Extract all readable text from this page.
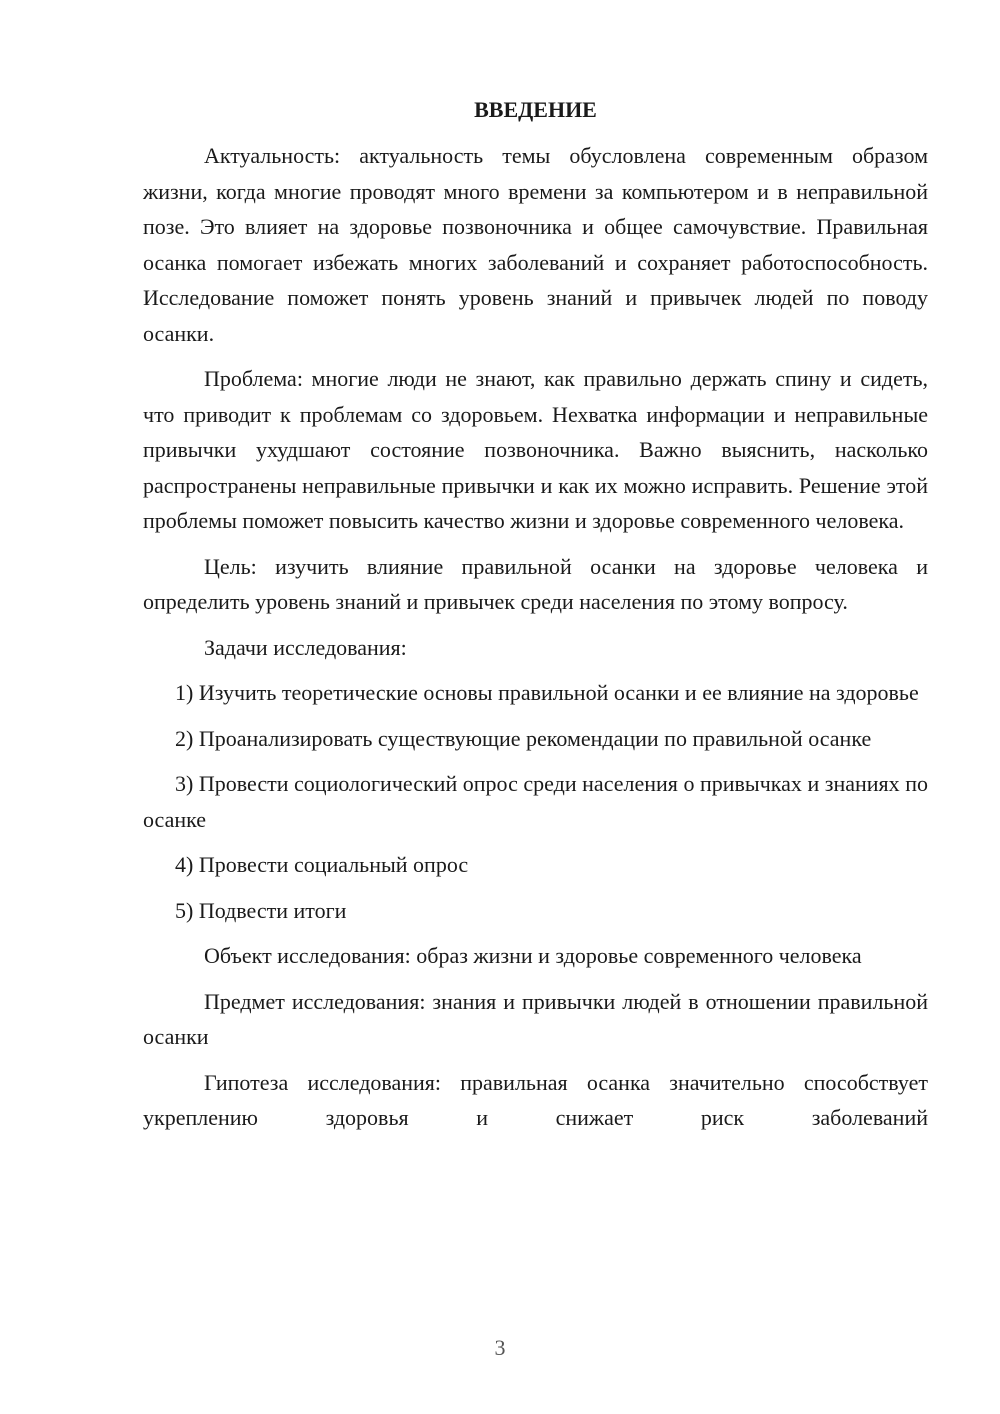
ВВЕДЕНИЕ

Актуальность: актуальность темы обусловлена современным образом жизни, когда многие проводят много времени за компьютером и в неправильной позе. Это влияет на здоровье позвоночника и общее самочувствие. Правильная осанка помогает избежать многих заболеваний и сохраняет работоспособность. Исследование поможет понять уровень знаний и привычек людей по поводу осанки.

Проблема: многие люди не знают, как правильно держать спину и сидеть, что приводит к проблемам со здоровьем. Нехватка информации и неправильные привычки ухудшают состояние позвоночника. Важно выяснить, насколько распространены неправильные привычки и как их можно исправить. Решение этой проблемы поможет повысить качество жизни и здоровье современного человека.

Цель: изучить влияние правильной осанки на здоровье человека и определить уровень знаний и привычек среди населения по этому вопросу.

Задачи исследования:

1) Изучить теоретические основы правильной осанки и ее влияние на здоровье

2) Проанализировать существующие рекомендации по правильной осанке

3) Провести социологический опрос среди населения о привычках и знаниях по осанке

4) Провести социальный опрос

5) Подвести итоги

Объект исследования: образ жизни и здоровье современного человека

Предмет исследования: знания и привычки людей в отношении правильной осанки

Гипотеза исследования: правильная осанка значительно способствует укреплению здоровья и снижает риск заболеваний

3
